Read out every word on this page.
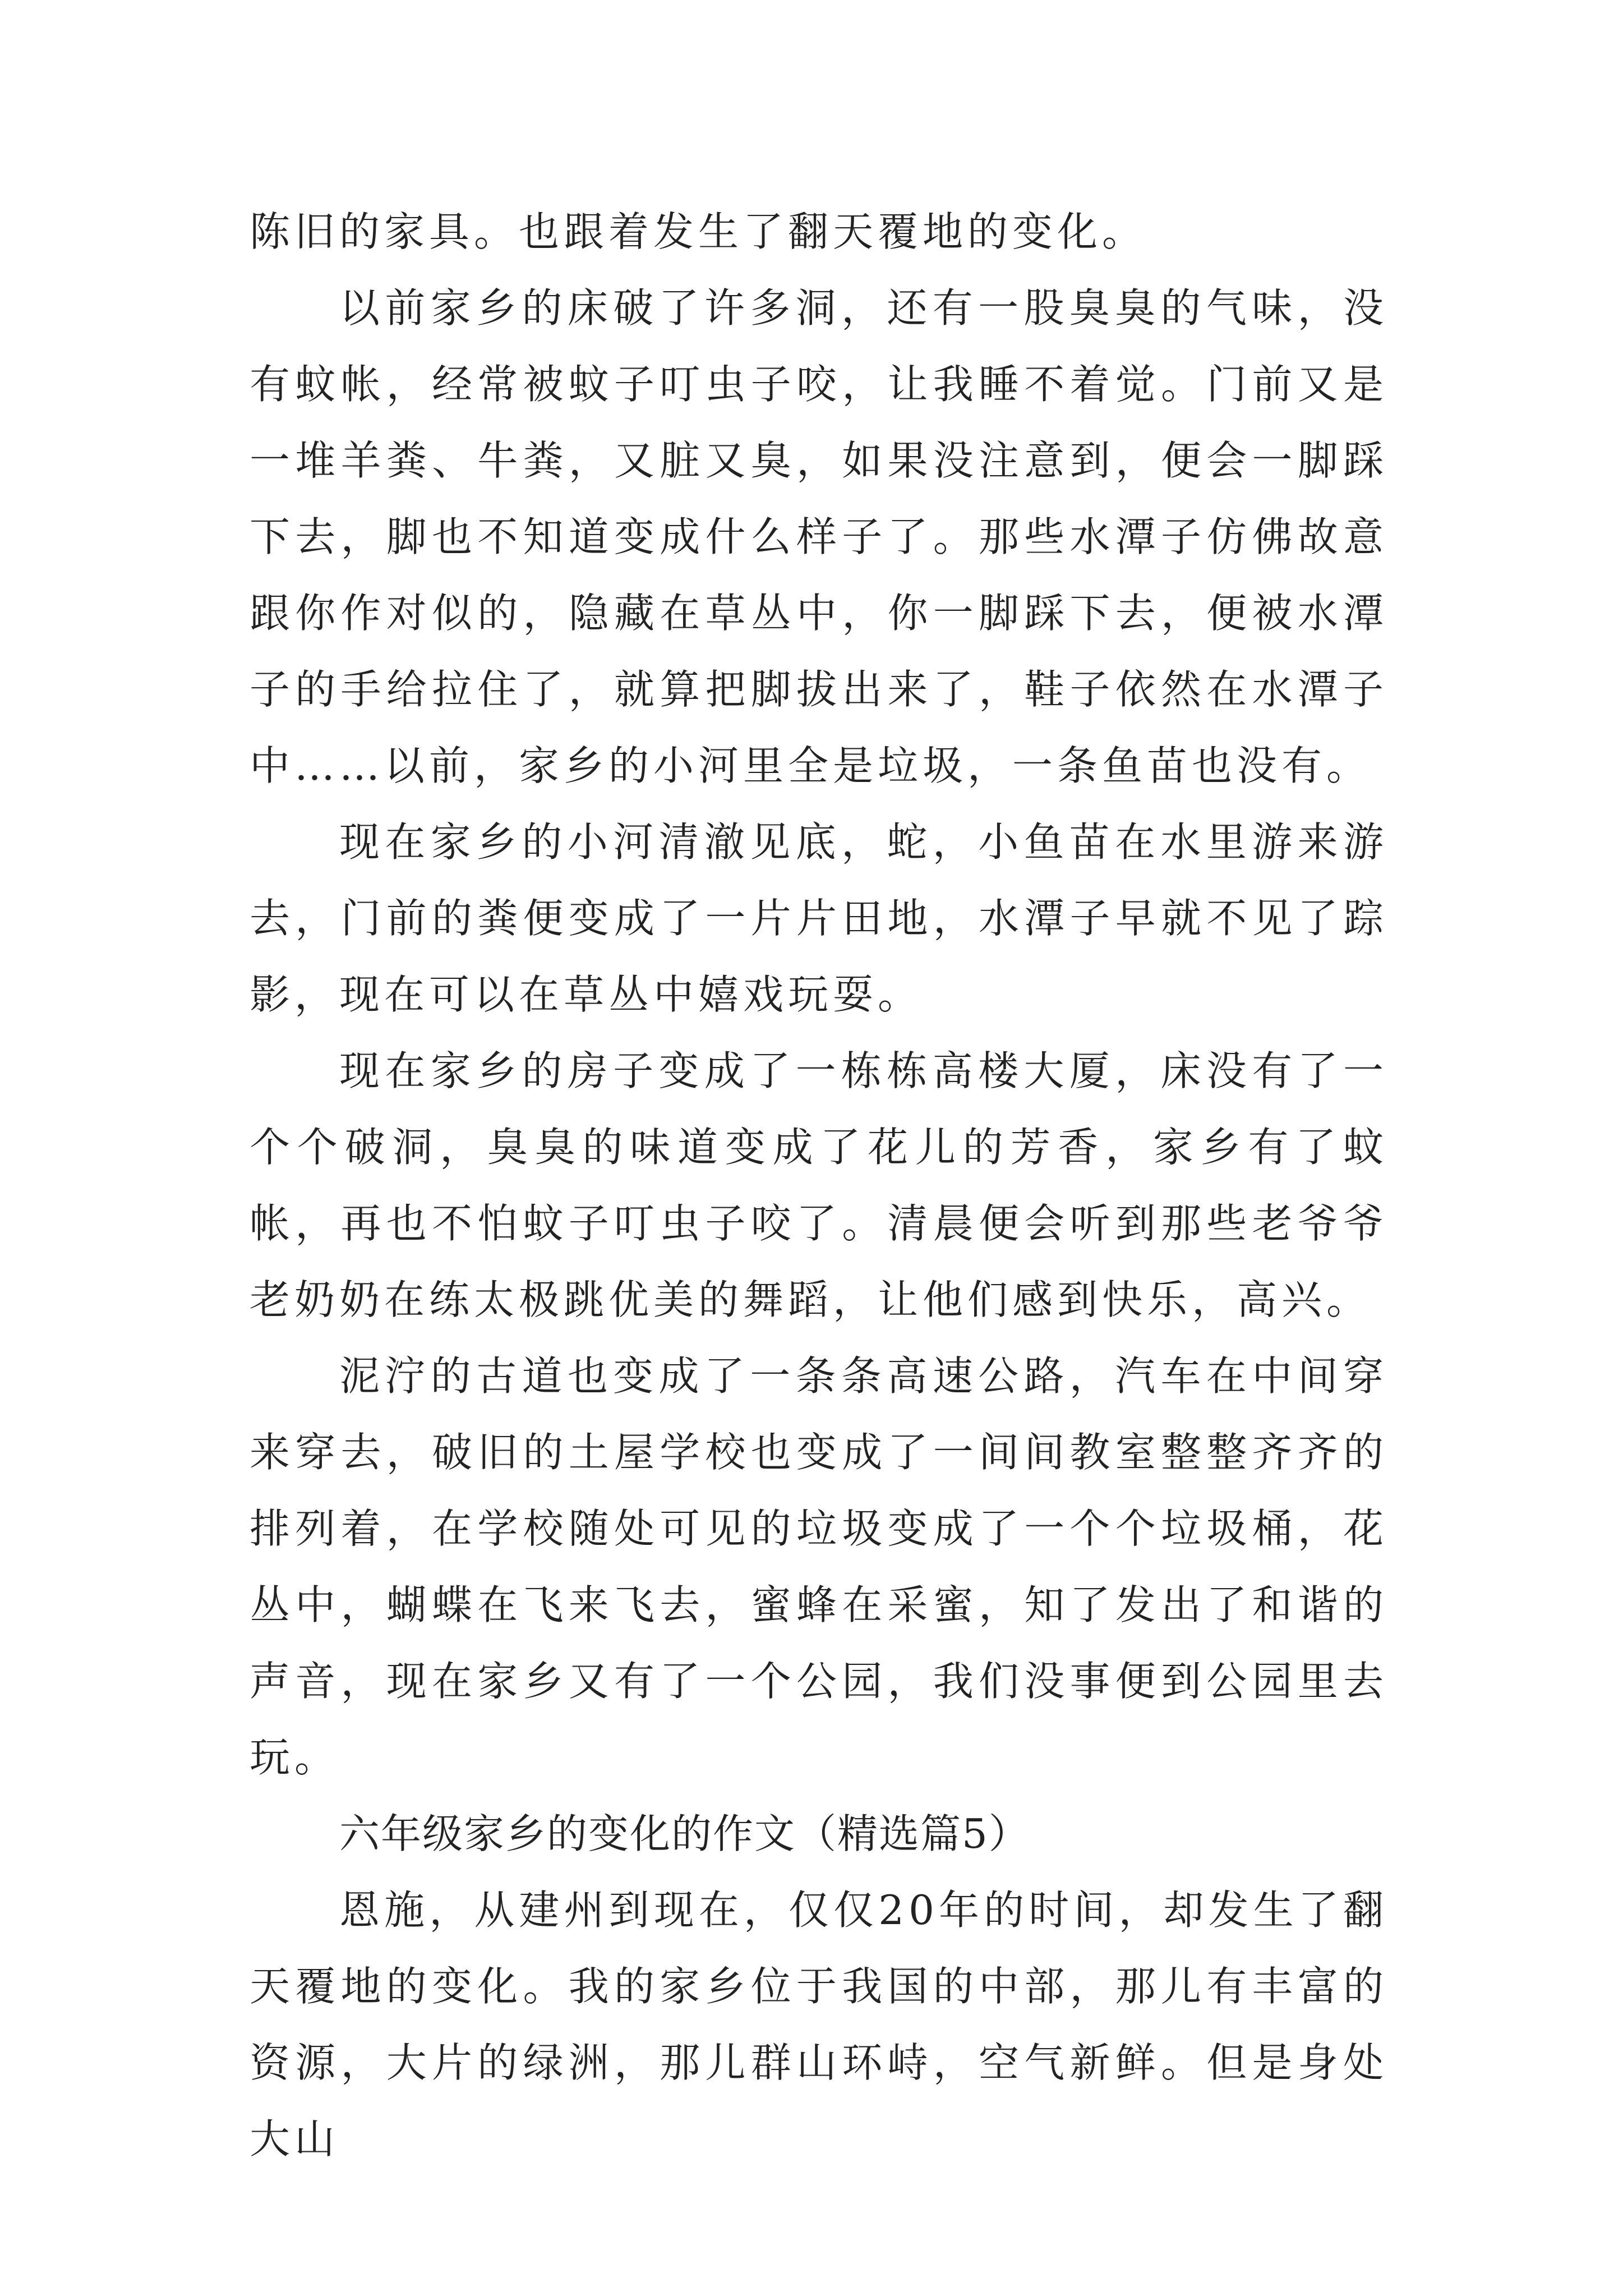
陈旧的家具。也跟着发生了翻天覆地的变化。

以前家乡的床破了许多洞，还有一股臭臭的气味，没有蚊帐，经常被蚊子叮虫子咬，让我睡不着觉。门前又是一堆羊粪、牛粪，又脏又臭，如果没注意到，便会一脚踩下去，脚也不知道变成什么样子了。那些水潭子仿佛故意跟你作对似的，隐藏在草丛中，你一脚踩下去，便被水潭子的手给拉住了，就算把脚拔出来了，鞋子依然在水潭子中……以前，家乡的小河里全是垃圾，一条鱼苗也没有。

现在家乡的小河清澈见底，蛇，小鱼苗在水里游来游去，门前的粪便变成了一片片田地，水潭子早就不见了踪影，现在可以在草丛中嬉戏玩耍。

现在家乡的房子变成了一栋栋高楼大厦，床没有了一个个破洞，臭臭的味道变成了花儿的芳香，家乡有了蚊帐，再也不怕蚊子叮虫子咬了。清晨便会听到那些老爷爷老奶奶在练太极跳优美的舞蹈，让他们感到快乐，高兴。

泥泞的古道也变成了一条条高速公路，汽车在中间穿来穿去，破旧的土屋学校也变成了一间间教室整整齐齐的排列着，在学校随处可见的垃圾变成了一个个垃圾桶，花丛中，蝴蝶在飞来飞去，蜜蜂在采蜜，知了发出了和谐的声音，现在家乡又有了一个公园，我们没事便到公园里去玩。

六年级家乡的变化的作文（精选篇5）

恩施，从建州到现在，仅仅20年的时间，却发生了翻天覆地的变化。我的家乡位于我国的中部，那儿有丰富的资源，大片的绿洲，那儿群山环峙，空气新鲜。但是身处大山
